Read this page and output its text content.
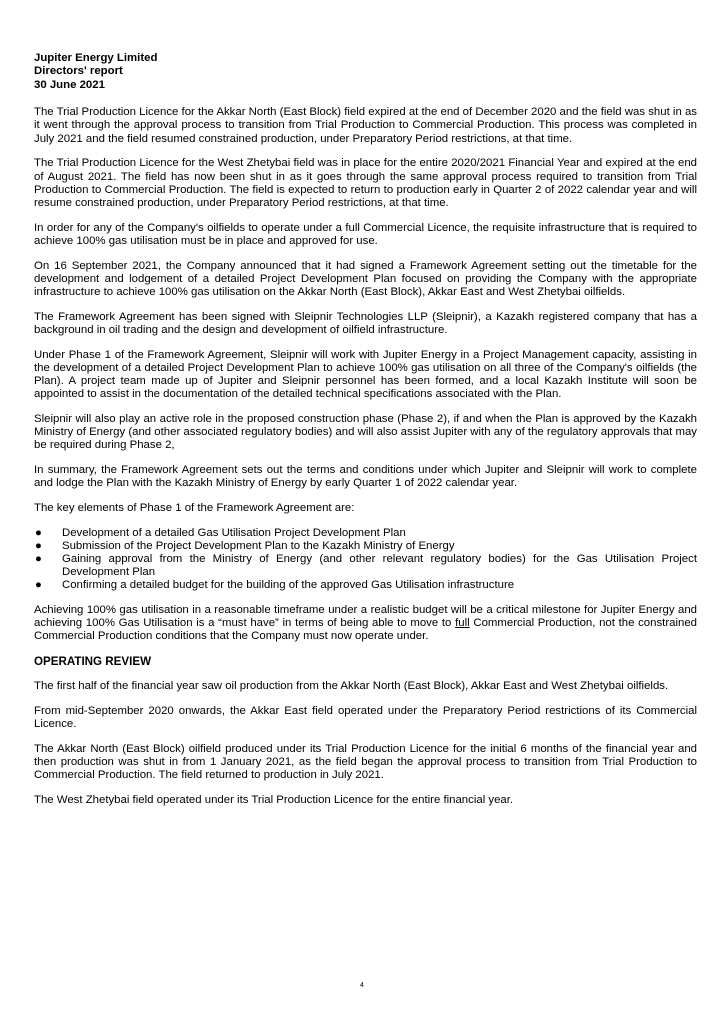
Jupiter Energy Limited
Directors' report
30 June 2021

The Trial Production Licence for the Akkar North (East Block) field expired at the end of December 2020 and the field was shut in as it went through the approval process to transition from Trial Production to Commercial Production. This process was completed in July 2021 and the field resumed constrained production, under Preparatory Period restrictions, at that time.

The Trial Production Licence for the West Zhetybai field was in place for the entire 2020/2021 Financial Year and expired at the end of August 2021. The field has now been shut in as it goes through the same approval process required to transition from Trial Production to Commercial Production. The field is expected to return to production early in Quarter 2 of 2022 calendar year and will resume constrained production, under Preparatory Period restrictions, at that time.

In order for any of the Company's oilfields to operate under a full Commercial Licence, the requisite infrastructure that is required to achieve 100% gas utilisation must be in place and approved for use.

On 16 September 2021, the Company announced that it had signed a Framework Agreement setting out the timetable for the development and lodgement of a detailed Project Development Plan focused on providing the Company with the appropriate infrastructure to achieve 100% gas utilisation on the Akkar North (East Block), Akkar East and West Zhetybai oilfields.

The Framework Agreement has been signed with Sleipnir Technologies LLP (Sleipnir), a Kazakh registered company that has a background in oil trading and the design and development of oilfield infrastructure.

Under Phase 1 of the Framework Agreement, Sleipnir will work with Jupiter Energy in a Project Management capacity, assisting in the development of a detailed Project Development Plan to achieve 100% gas utilisation on all three of the Company's oilfields (the Plan). A project team made up of Jupiter and Sleipnir personnel has been formed, and a local Kazakh Institute will soon be appointed to assist in the documentation of the detailed technical specifications associated with the Plan.

Sleipnir will also play an active role in the proposed construction phase (Phase 2), if and when the Plan is approved by the Kazakh Ministry of Energy (and other associated regulatory bodies) and will also assist Jupiter with any of the regulatory approvals that may be required during Phase 2,

In summary, the Framework Agreement sets out the terms and conditions under which Jupiter and Sleipnir will work to complete and lodge the Plan with the Kazakh Ministry of Energy by early Quarter 1 of 2022 calendar year.

The key elements of Phase 1 of the Framework Agreement are:

● Development of a detailed Gas Utilisation Project Development Plan
● Submission of the Project Development Plan to the Kazakh Ministry of Energy
● Gaining approval from the Ministry of Energy (and other relevant regulatory bodies) for the Gas Utilisation Project Development Plan
● Confirming a detailed budget for the building of the approved Gas Utilisation infrastructure

Achieving 100% gas utilisation in a reasonable timeframe under a realistic budget will be a critical milestone for Jupiter Energy and achieving 100% Gas Utilisation is a “must have” in terms of being able to move to full Commercial Production, not the constrained Commercial Production conditions that the Company must now operate under.

OPERATING REVIEW

The first half of the financial year saw oil production from the Akkar North (East Block), Akkar East and West Zhetybai oilfields.

From mid-September 2020 onwards, the Akkar East field operated under the Preparatory Period restrictions of its Commercial Licence.

The Akkar North (East Block) oilfield produced under its Trial Production Licence for the initial 6 months of the financial year and then production was shut in from 1 January 2021, as the field began the approval process to transition from Trial Production to Commercial Production. The field returned to production in July 2021.

The West Zhetybai field operated under its Trial Production Licence for the entire financial year.

4
